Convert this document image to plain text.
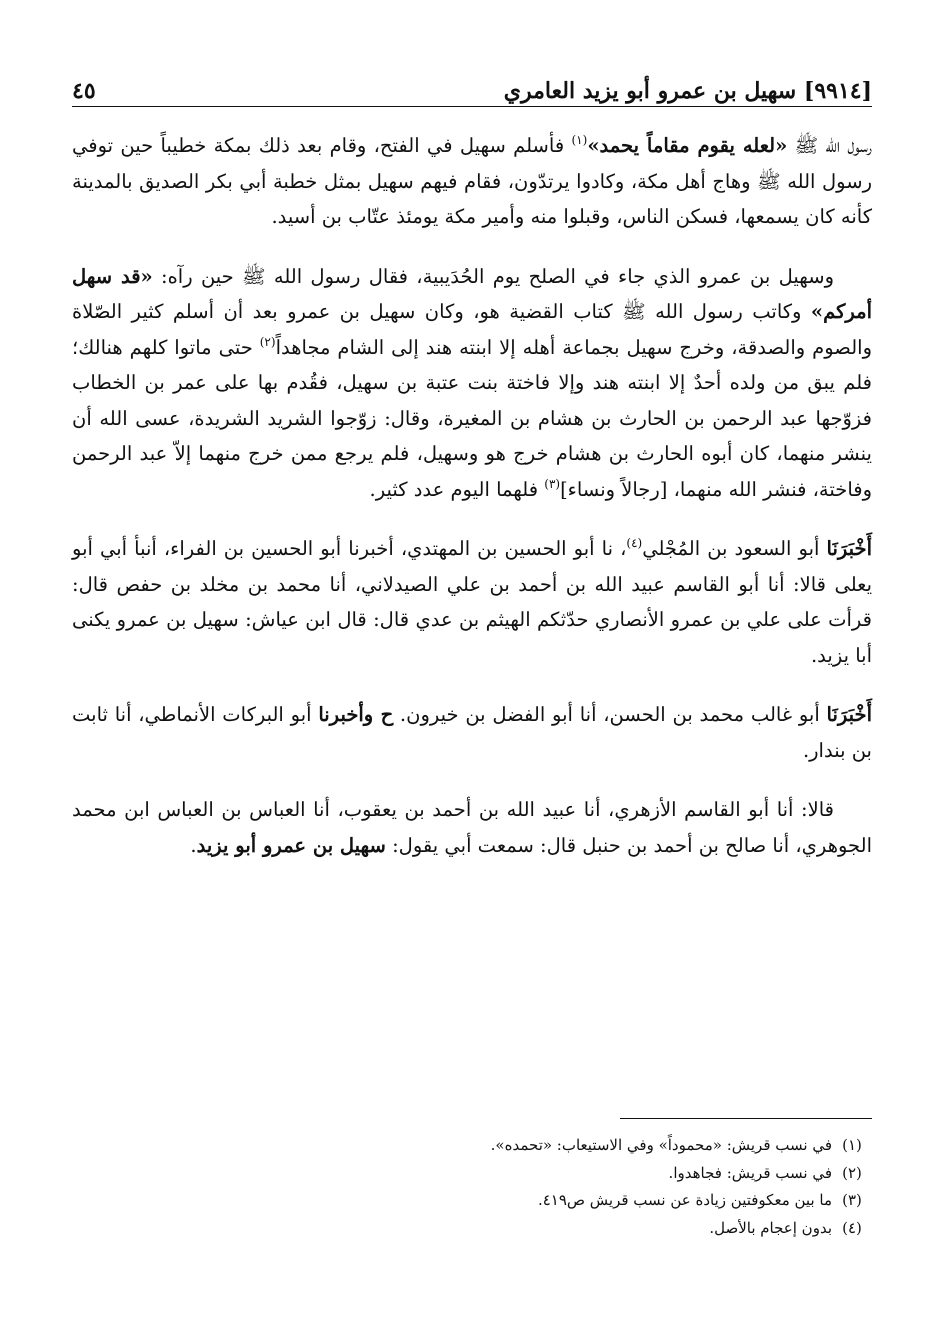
[٩٩١٤] سهيل بن عمرو أبو يزيد العامري
٤٥

رسول الله ﷺ «لعله يقوم مقاماً يحمد»$^{(١)}$ فأسلم سهيل في الفتح، وقام بعد ذلك بمكة خطيباً حين توفي رسول الله ﷺ وهاج أهل مكة، وكادوا يرتدّون، فقام فيهم سهيل بمثل خطبة أبي بكر الصديق بالمدينة كأنه كان يسمعها، فسكن الناس، وقبلوا منه وأمير مكة يومئذ عتّاب بن أسيد.

وسهيل بن عمرو الذي جاء في الصلح يوم الحُدَيبية، فقال رسول الله ﷺ حين رآه: «قد سهل أمركم» وكاتب رسول الله ﷺ كتاب القضية هو، وكان سهيل بن عمرو بعد أن أسلم كثير الصّلاة والصوم والصدقة، وخرج سهيل بجماعة أهله إلا ابنته هند إلى الشام مجاهداً$^{(٢)}$ حتى ماتوا كلهم هنالك؛ فلم يبق من ولده أحدٌ إلا ابنته هند وإلا فاختة بنت عتبة بن سهيل، فقُدم بها على عمر بن الخطاب فزوّجها عبد الرحمن بن الحارث بن هشام بن المغيرة، وقال: زوّجوا الشريد الشريدة، عسى الله أن ينشر منهما، كان أبوه الحارث بن هشام خرج هو وسهيل، فلم يرجع ممن خرج منهما إلاّ عبد الرحمن وفاختة، فنشر الله منهما، [رجالاً ونساء]$^{(٣)}$ فلهما اليوم عدد كثير.

أَخْبَرَنَا أبو السعود بن المُجْلي$^{(٤)}$، نا أبو الحسين بن المهتدي، أخبرنا أبو الحسين بن الفراء، أنبأ أبي أبو يعلى قالا: أنا أبو القاسم عبيد الله بن أحمد بن علي الصيدلاني، أنا محمد بن مخلد بن حفص قال: قرأت على علي بن عمرو الأنصاري حدّثكم الهيثم بن عدي قال: قال ابن عياش: سهيل بن عمرو يكنى أبا يزيد.

أَخْبَرَنَا أبو غالب محمد بن الحسن، أنا أبو الفضل بن خيرون. ح وأخبرنا أبو البركات الأنماطي، أنا ثابت بن بندار.

قالا: أنا أبو القاسم الأزهري، أنا عبيد الله بن أحمد بن يعقوب، أنا العباس بن العباس ابن محمد الجوهري، أنا صالح بن أحمد بن حنبل قال: سمعت أبي يقول: سهيل بن عمرو أبو يزيد.

(١)
في نسب قريش: «محموداً» وفي الاستيعاب: «تحمده».
(٢)
في نسب قريش: فجاهدوا.
(٣)
ما بين معكوفتين زيادة عن نسب قريش ص٤١٩.
(٤)
بدون إعجام بالأصل.
